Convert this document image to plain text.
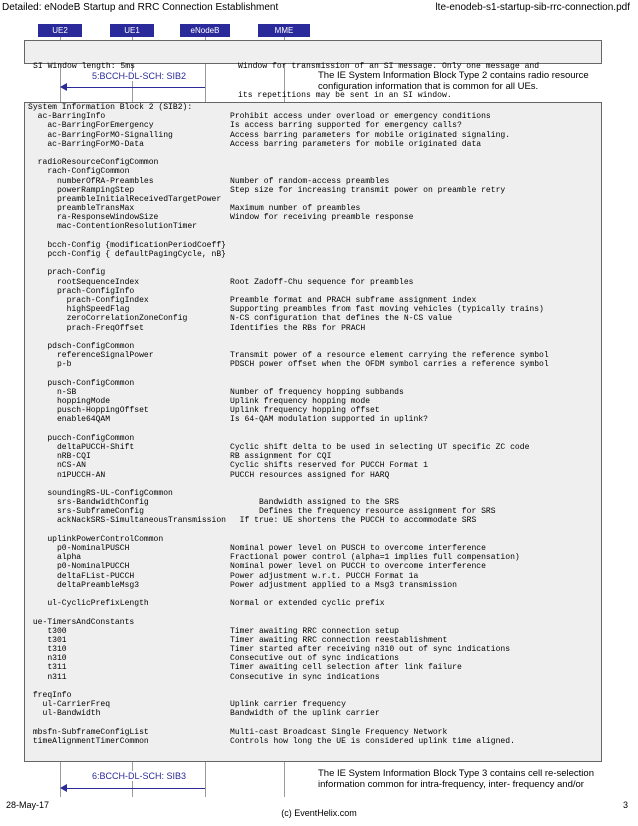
Detailed: eNodeB Startup and RRC Connection Establishment	lte-enodeb-s1-startup-sib-rrc-connection.pdf
UE2	UE1	eNodeB	MME

SI Window length: 5ms	Window for transmission of an SI message. Only one message and

its repetitions may be sent in an SI window.

5:BCCH-DL-SCH: SIB2	The IE System Information Block Type 2 contains radio resource
configuration information that is common for all UEs.
System Information Block 2 (SIB2):
ac-BarringInfo	Prohibit access under overload or emergency conditions
ac-BarringForEmergency	Is access barring supported for emergency calls?
ac-BarringForMO-Signalling	Access barring parameters for mobile originated signaling.
ac-BarringForMO-Data	Access barring parameters for mobile originated data
radioResourceConfigCommon
rach-ConfigCommon
numberOfRA-Preambles	Number of random-access preambles
powerRampingStep	Step size for increasing transmit power on preamble retry
preambleInitialReceivedTargetPower
preambleTransMax	Maximum number of preambles
ra-ResponseWindowSize	Window for receiving preamble response
mac-ContentionResolutionTimer
bcch-Config {modificationPeriodCoeff}
pcch-Config { defaultPagingCycle, nB}
prach-Config
rootSequenceIndex	Root Zadoff-Chu sequence for preambles
prach-ConfigInfo
prach-ConfigIndex	Preamble format and PRACH subframe assignment index
highSpeedFlag	Supporting preambles from fast moving vehicles (typically trains)
zeroCorrelationZoneConfig	N-CS configuration that defines the N-CS value
prach-FreqOffset	Identifies the RBs for PRACH
pdsch-ConfigCommon
referenceSignalPower	Transmit power of a resource element carrying the reference symbol
p-b	PDSCH power offset when the OFDM symbol carries a reference symbol
pusch-ConfigCommon
n-SB	Number of frequency hopping subbands
hoppingMode	Uplink frequency hopping mode
pusch-HoppingOffset	Uplink frequency hopping offset
enable64QAM	Is 64-QAM modulation supported in uplink?
pucch-ConfigCommon
deltaPUCCH-Shift	Cyclic shift delta to be used in selecting UT specific ZC code
nRB-CQI	RB assignment for CQI
nCS-AN	Cyclic shifts reserved for PUCCH Format 1
n1PUCCH-AN	PUCCH resources assigned for HARQ
soundingRS-UL-ConfigCommon
srs-BandwidthConfig	Bandwidth assigned to the SRS
srs-SubframeConfig	Defines the frequency resource assignment for SRS
ackNackSRS-SimultaneousTransmission If true: UE shortens the PUCCH to accommodate SRS
uplinkPowerControlCommon
p0-NominalPUSCH	Nominal power level on PUSCH to overcome interference
alpha	Fractional power control (alpha=1 implies full compensation)
p0-NominalPUCCH	Nominal power level on PUCCH to overcome interference
deltaFList-PUCCH	Power adjustment w.r.t. PUCCH Format 1a
deltaPreambleMsg3	Power adjustment applied to a Msg3 transmission
ul-CyclicPrefixLength	Normal or extended cyclic prefix
ue-TimersAndConstants
t300	Timer awaiting RRC connection setup
t301	Timer awaiting RRC connection reestablishment
t310	Timer started after receiving n310 out of sync indications
n310	Consecutive out of sync indications
t311	Timer awaiting cell selection after link failure
n311	Consecutive in sync indications
freqInfo
ul-CarrierFreq	Uplink carrier frequency
ul-Bandwidth	Bandwidth of the uplink carrier
mbsfn-SubframeConfigList	Multi-cast Broadcast Single Frequency Network
timeAlignmentTimerCommon	Controls how long the UE is considered uplink time aligned.
6:BCCH-DL-SCH: SIB3	The IE System Information Block Type 3 contains cell re-selection
information common for intra-frequency, inter- frequency and/or
28-May-17
(c) EventHelix.com
3
